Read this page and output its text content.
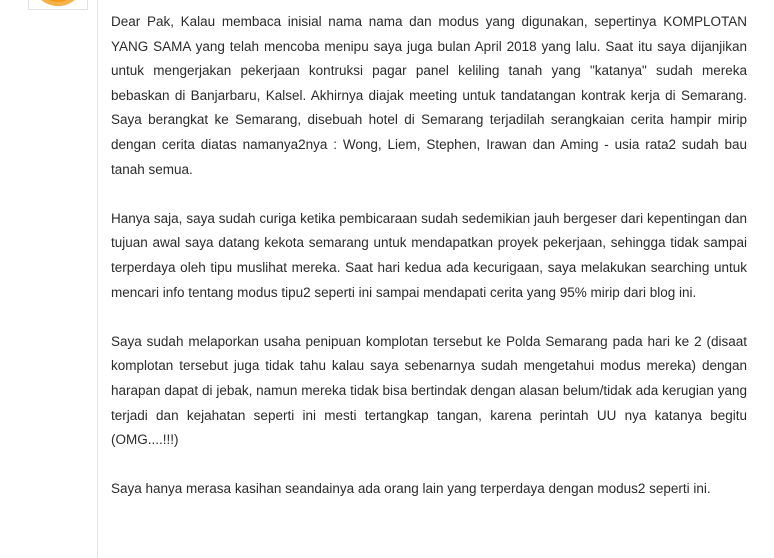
Dear Pak, Kalau membaca inisial nama nama dan modus yang digunakan, sepertinya KOMPLOTAN YANG SAMA yang telah mencoba menipu saya juga bulan April 2018 yang lalu. Saat itu saya dijanjikan untuk mengerjakan pekerjaan kontruksi pagar panel keliling tanah yang "katanya" sudah mereka bebaskan di Banjarbaru, Kalsel. Akhirnya diajak meeting untuk tandatangan kontrak kerja di Semarang. Saya berangkat ke Semarang, disebuah hotel di Semarang terjadilah serangkaian cerita hampir mirip dengan cerita diatas namanya2nya : Wong, Liem, Stephen, Irawan dan Aming - usia rata2 sudah bau tanah semua.

Hanya saja, saya sudah curiga ketika pembicaraan sudah sedemikian jauh bergeser dari kepentingan dan tujuan awal saya datang kekota semarang untuk mendapatkan proyek pekerjaan, sehingga tidak sampai terperdaya oleh tipu muslihat mereka. Saat hari kedua ada kecurigaan, saya melakukan searching untuk mencari info tentang modus tipu2 seperti ini sampai mendapati cerita yang 95% mirip dari blog ini.

Saya sudah melaporkan usaha penipuan komplotan tersebut ke Polda Semarang pada hari ke 2 (disaat komplotan tersebut juga tidak tahu kalau saya sebenarnya sudah mengetahui modus mereka) dengan harapan dapat di jebak, namun mereka tidak bisa bertindak dengan alasan belum/tidak ada kerugian yang terjadi dan kejahatan seperti ini mesti tertangkap tangan, karena perintah UU nya katanya begitu (OMG....!!!)

Saya hanya merasa kasihan seandainya ada orang lain yang terperdaya dengan modus2 seperti ini.
